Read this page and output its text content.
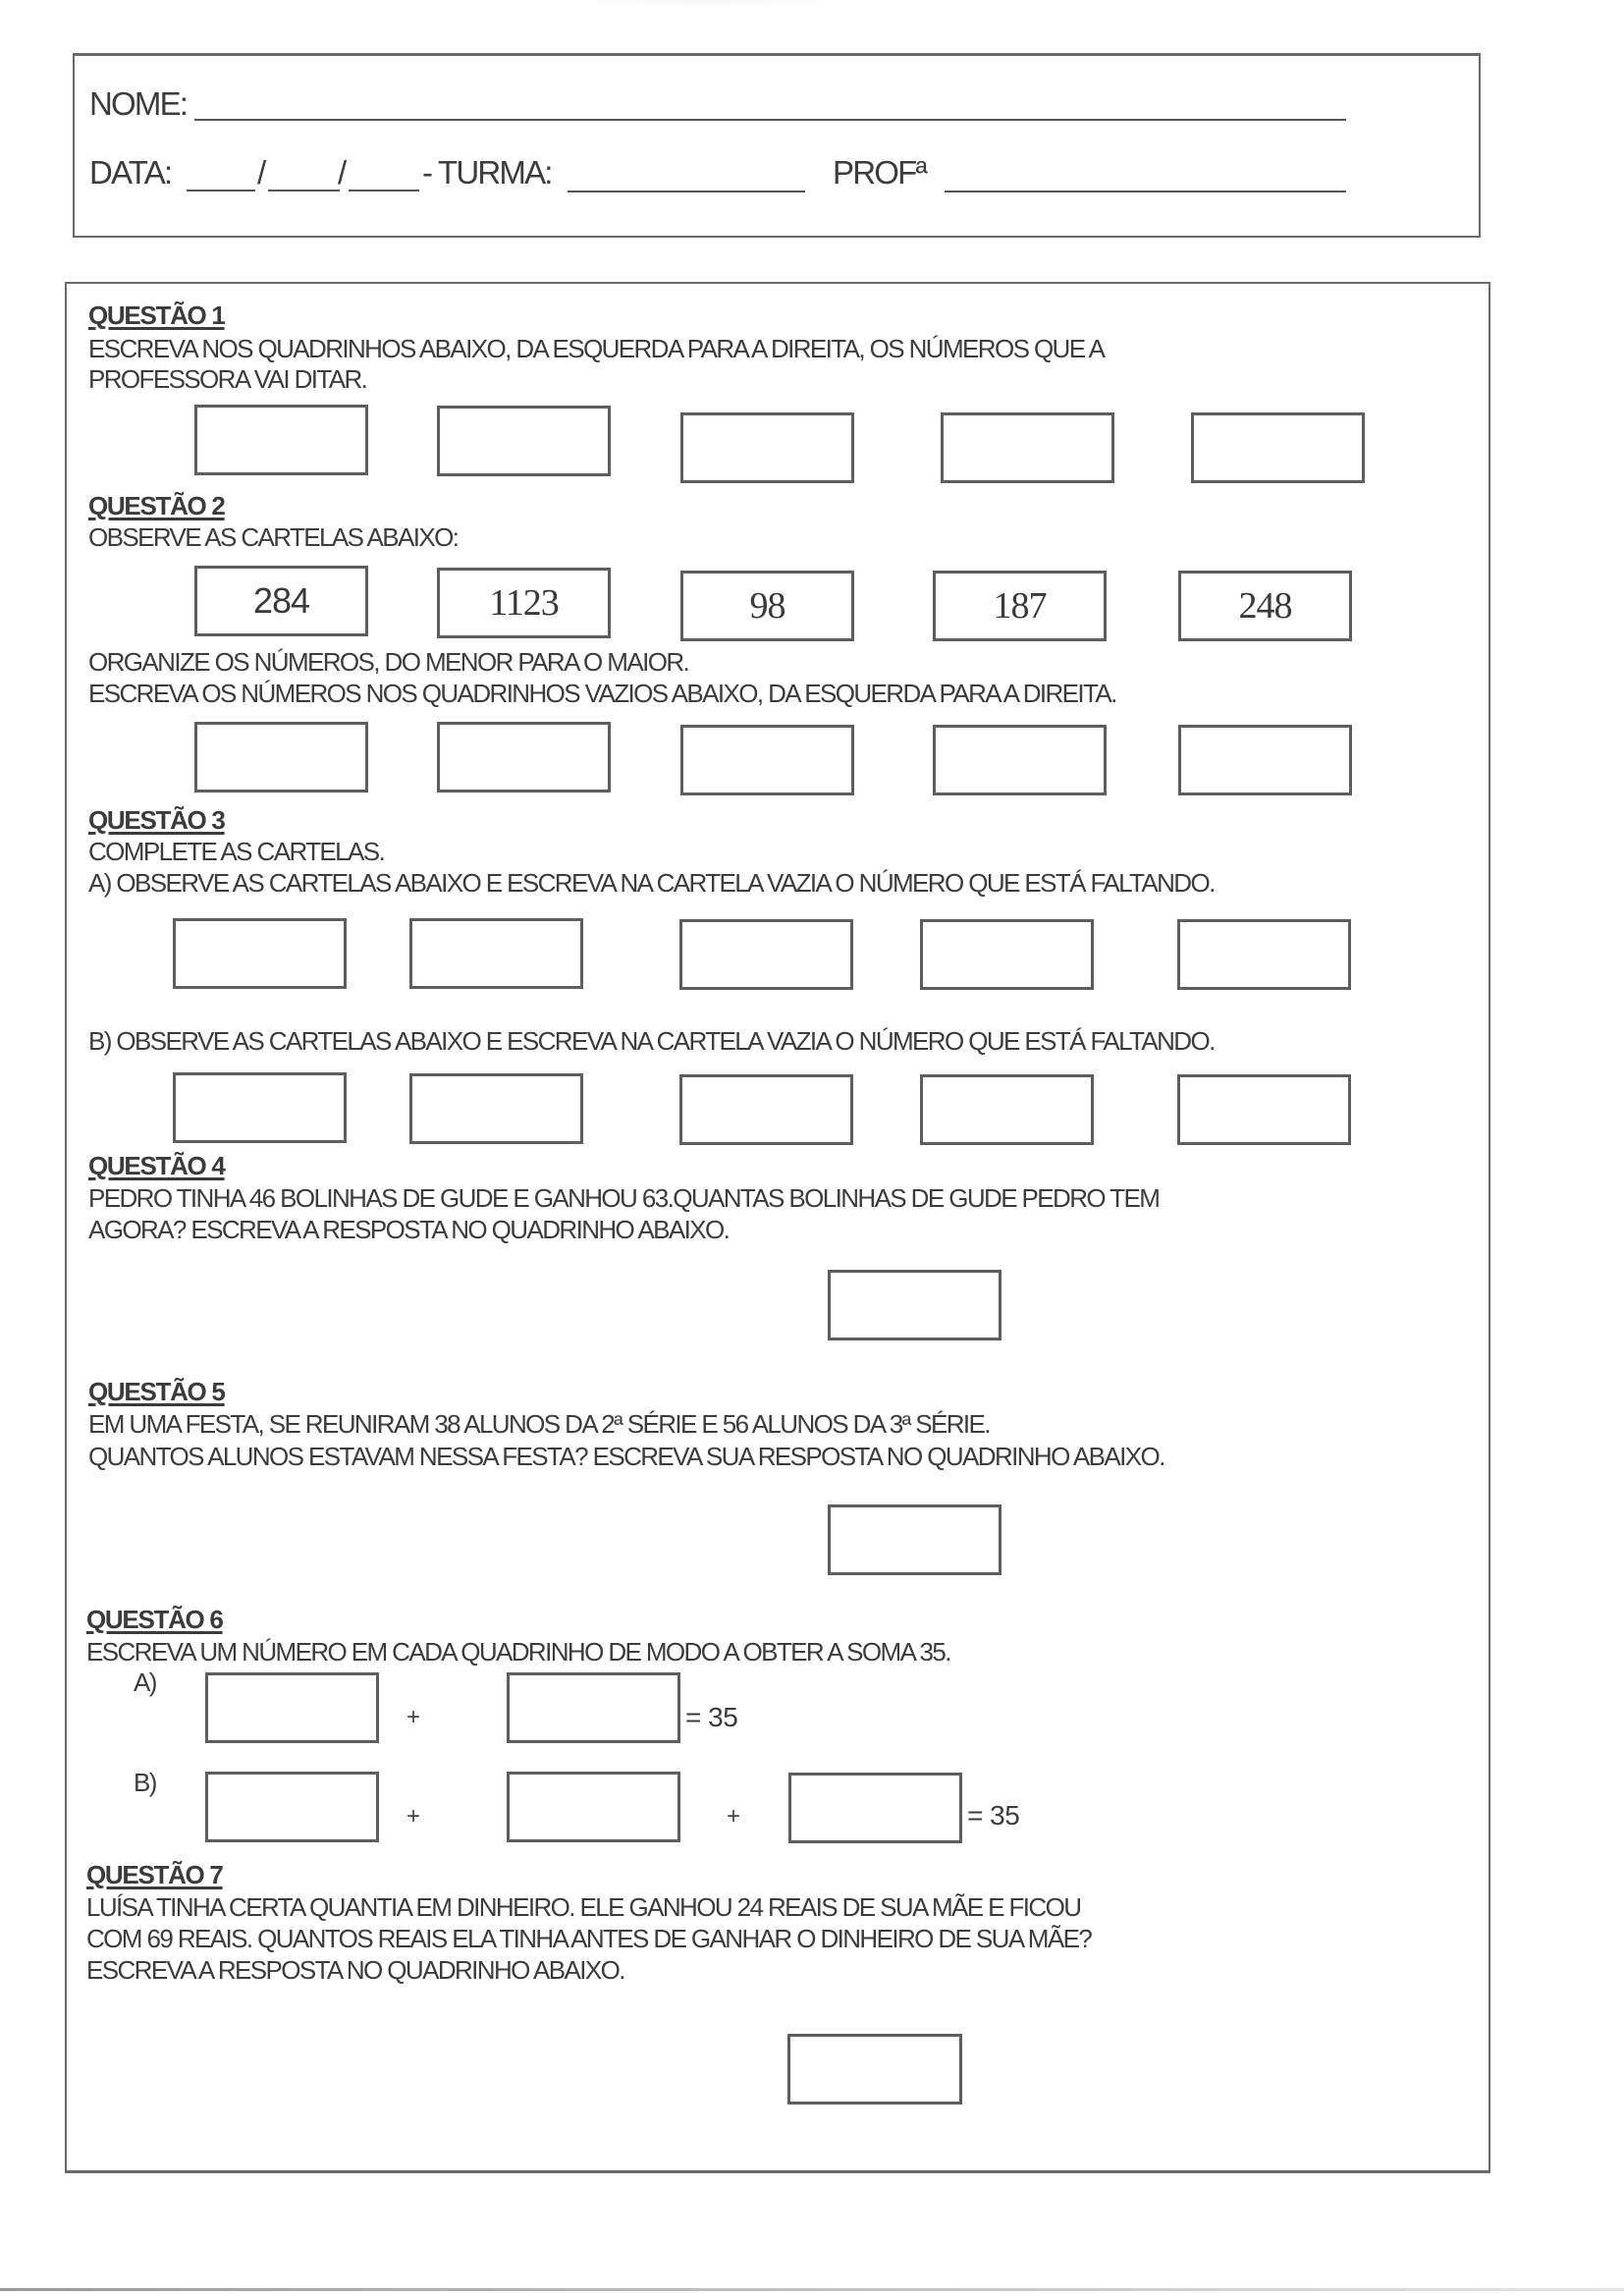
NOME:
DATA:	/ / - TURMA:	PROFª
QUESTÃO 1
ESCREVA NOS QUADRINHOS ABAIXO, DA ESQUERDA PARA A DIREITA, OS NÚMEROS QUE A
PROFESSORA VAI DITAR.
QUESTÃO 2
OBSERVE AS CARTELAS ABAIXO:
284	1123	98	187	248
ORGANIZE OS NÚMEROS, DO MENOR PARA O MAIOR.
ESCREVA OS NÚMEROS NOS QUADRINHOS VAZIOS ABAIXO, DA ESQUERDA PARA A DIREITA.
QUESTÃO 3
COMPLETE AS CARTELAS.
A) OBSERVE AS CARTELAS ABAIXO E ESCREVA NA CARTELA VAZIA O NÚMERO QUE ESTÁ FALTANDO.
B) OBSERVE AS CARTELAS ABAIXO E ESCREVA NA CARTELA VAZIA O NÚMERO QUE ESTÁ FALTANDO.
QUESTÃO 4
PEDRO TINHA 46 BOLINHAS DE GUDE E GANHOU 63.QUANTAS BOLINHAS DE GUDE PEDRO TEM
AGORA? ESCREVA A RESPOSTA NO QUADRINHO ABAIXO.
QUESTÃO 5
EM UMA FESTA, SE REUNIRAM 38 ALUNOS DA 2ª SÉRIE E 56 ALUNOS DA 3ª SÉRIE.
QUANTOS ALUNOS ESTAVAM NESSA FESTA? ESCREVA SUA RESPOSTA NO QUADRINHO ABAIXO.
QUESTÃO 6
ESCREVA UM NÚMERO EM CADA QUADRINHO DE MODO A OBTER A SOMA 35.
A)
+	= 35
B)
+	+	= 35
QUESTÃO 7
LUÍSA TINHA CERTA QUANTIA EM DINHEIRO. ELE GANHOU 24 REAIS DE SUA MÃE E FICOU
COM 69 REAIS. QUANTOS REAIS ELA TINHA ANTES DE GANHAR O DINHEIRO DE SUA MÃE?
ESCREVA A RESPOSTA NO QUADRINHO ABAIXO.
